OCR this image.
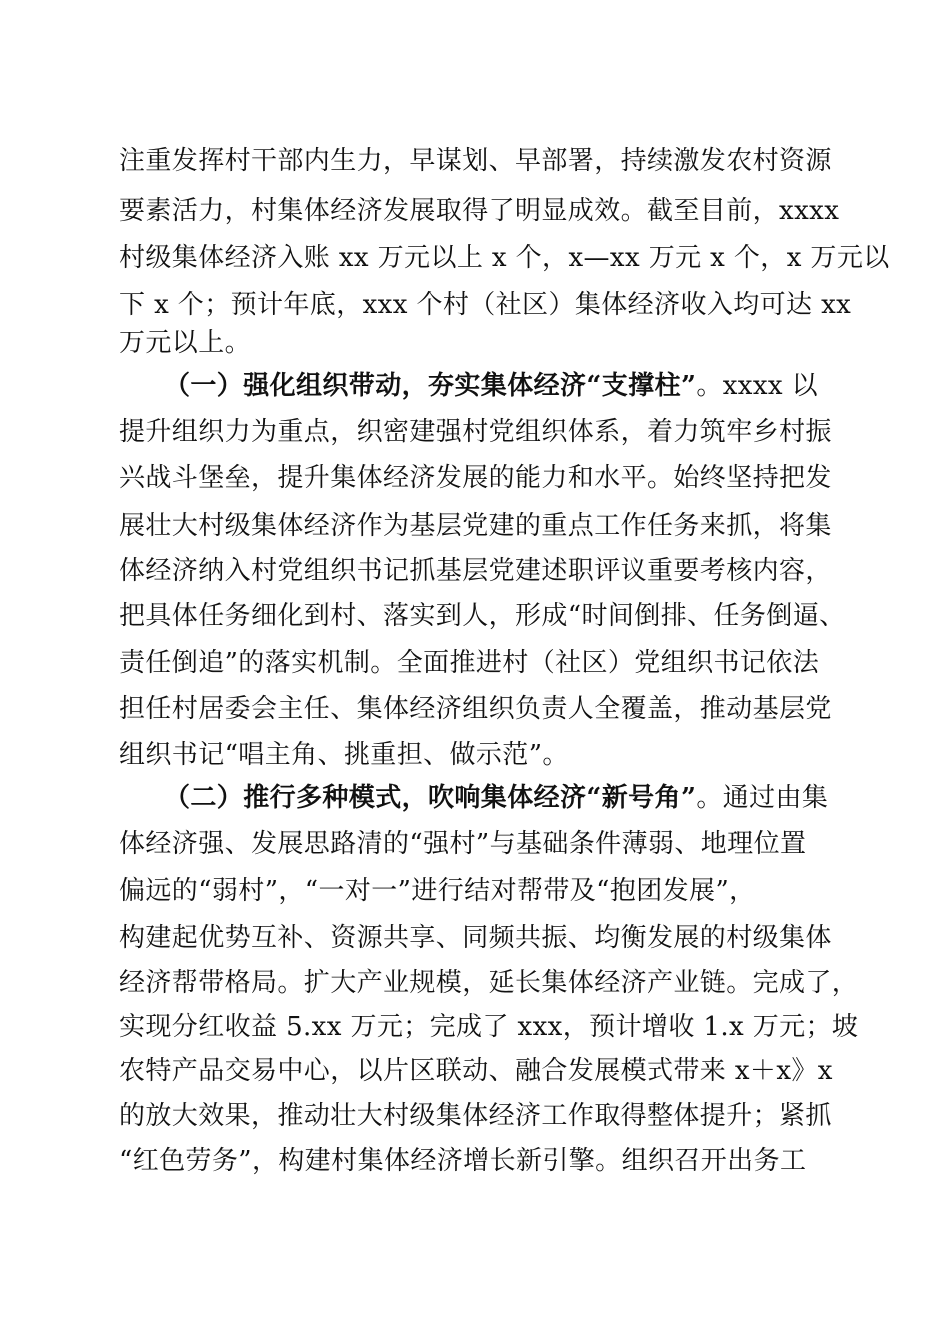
注重发挥村干部内生力，早谋划、早部署，持续激发农村资源
要素活力，村集体经济发展取得了明显成效。截至目前，xxxx
村级集体经济入账 xx 万元以上 x 个，x—xx 万元 x 个，x 万元以
下 x 个；预计年底，xxx 个村（社区）集体经济收入均可达 xx
万元以上。
（一）强化组织带动，夯实集体经济“支撑柱”。xxxx 以
提升组织力为重点，织密建强村党组织体系，着力筑牢乡村振
兴战斗堡垒，提升集体经济发展的能力和水平。始终坚持把发
展壮大村级集体经济作为基层党建的重点工作任务来抓，将集
体经济纳入村党组织书记抓基层党建述职评议重要考核内容，
把具体任务细化到村、落实到人，形成“时间倒排、任务倒逼、
责任倒追”的落实机制。全面推进村（社区）党组织书记依法
担任村居委会主任、集体经济组织负责人全覆盖，推动基层党
组织书记“唱主角、挑重担、做示范”。
（二）推行多种模式，吹响集体经济“新号角”。通过由集
体经济强、发展思路清的“强村”与基础条件薄弱、地理位置
偏远的“弱村”，“一对一”进行结对帮带及“抱团发展”，
构建起优势互补、资源共享、同频共振、均衡发展的村级集体
经济帮带格局。扩大产业规模，延长集体经济产业链。完成了，
实现分红收益 5.xx 万元；完成了 xxx，预计增收 1.x 万元；坡
农特产品交易中心，以片区联动、融合发展模式带来 x＋x》x
的放大效果，推动壮大村级集体经济工作取得整体提升；紧抓
“红色劳务”，构建村集体经济增长新引擎。组织召开出务工
